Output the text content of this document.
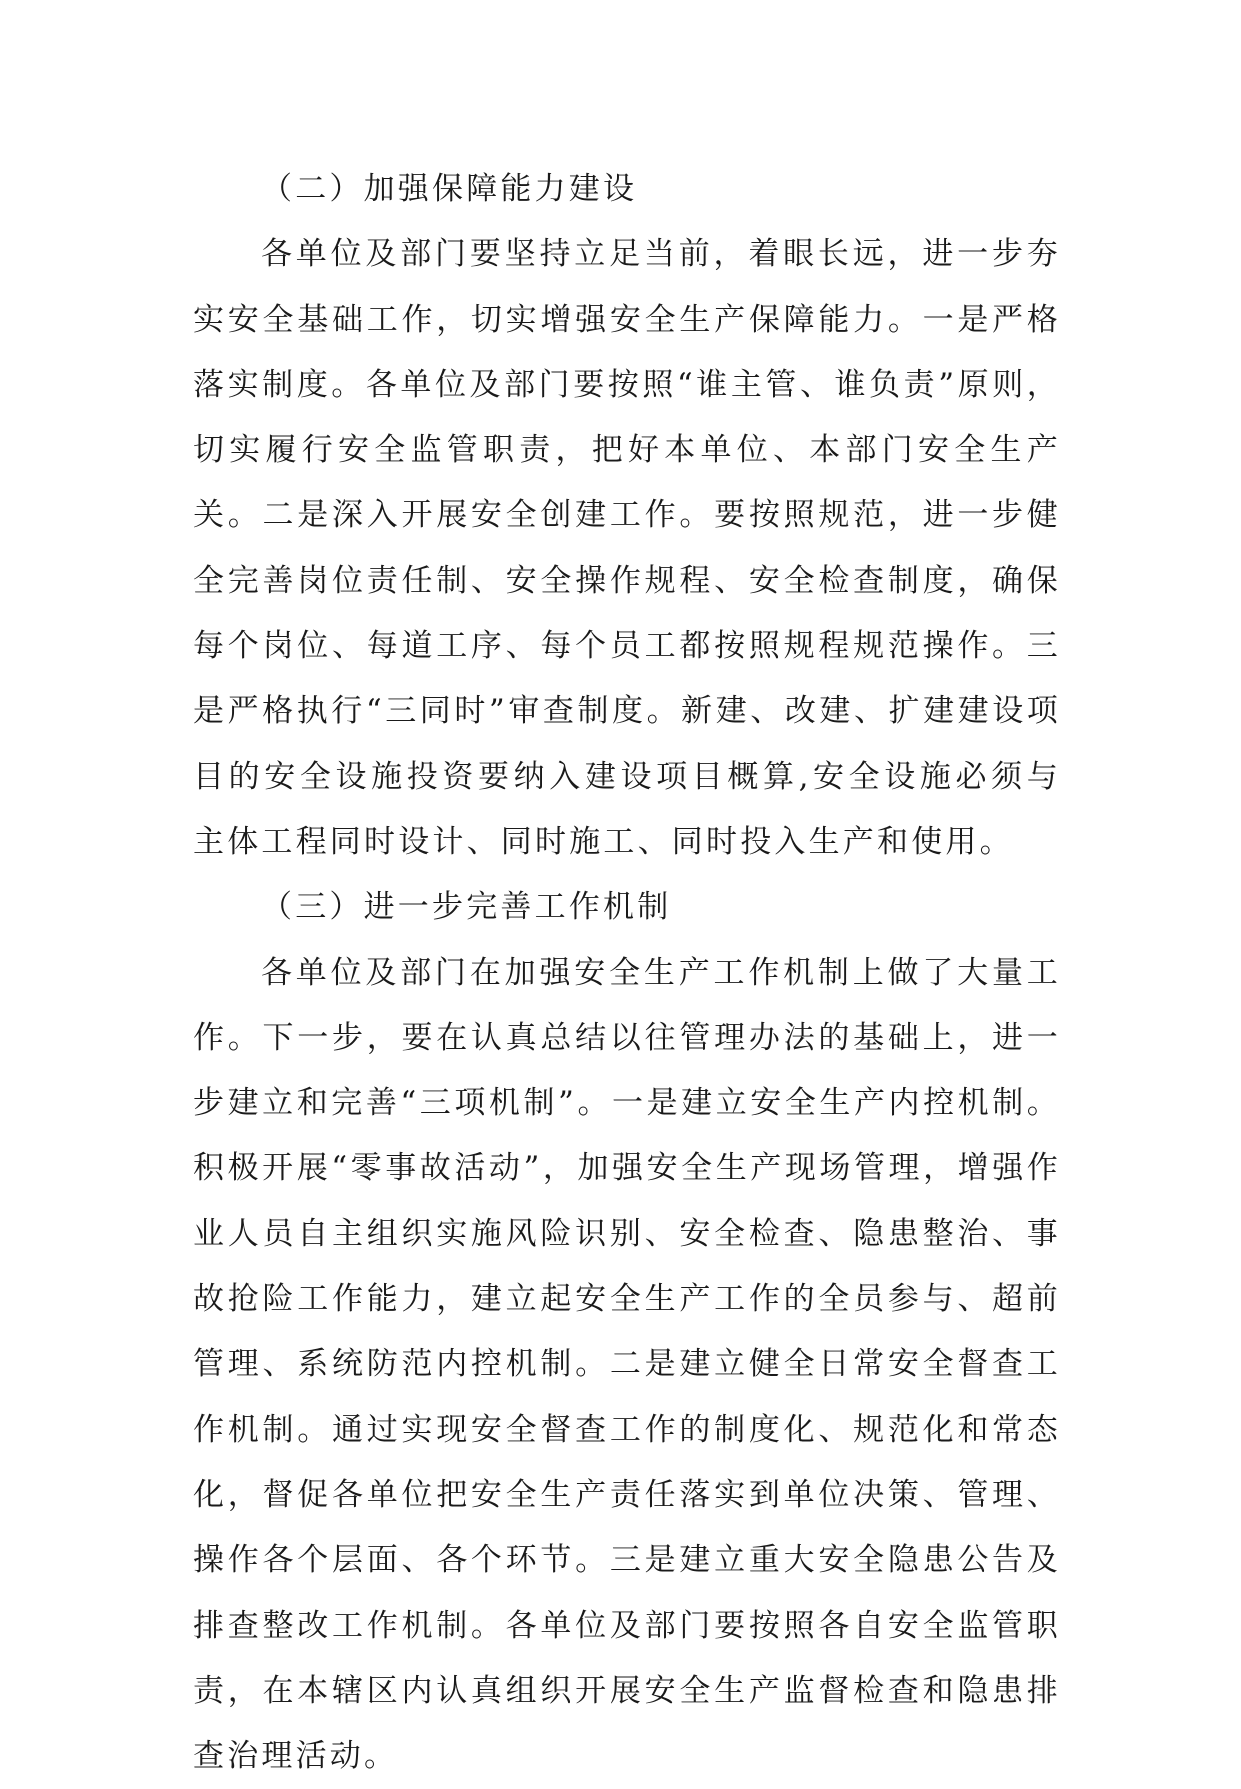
（二）加强保障能力建设

各单位及部门要坚持立足当前，着眼长远，进一步夯实安全基础工作，切实增强安全生产保障能力。一是严格落实制度。各单位及部门要按照“谁主管、谁负责”原则，切实履行安全监管职责，把好本单位、本部门安全生产关。二是深入开展安全创建工作。要按照规范，进一步健全完善岗位责任制、安全操作规程、安全检查制度，确保每个岗位、每道工序、每个员工都按照规程规范操作。三是严格执行“三同时”审查制度。新建、改建、扩建建设项目的安全设施投资要纳入建设项目概算,安全设施必须与主体工程同时设计、同时施工、同时投入生产和使用。

（三）进一步完善工作机制

各单位及部门在加强安全生产工作机制上做了大量工作。下一步，要在认真总结以往管理办法的基础上，进一步建立和完善“三项机制”。一是建立安全生产内控机制。积极开展“零事故活动”，加强安全生产现场管理，增强作业人员自主组织实施风险识别、安全检查、隐患整治、事故抢险工作能力，建立起安全生产工作的全员参与、超前管理、系统防范内控机制。二是建立健全日常安全督查工作机制。通过实现安全督查工作的制度化、规范化和常态化，督促各单位把安全生产责任落实到单位决策、管理、操作各个层面、各个环节。三是建立重大安全隐患公告及排查整改工作机制。各单位及部门要按照各自安全监管职责，在本辖区内认真组织开展安全生产监督检查和隐患排查治理活动。
